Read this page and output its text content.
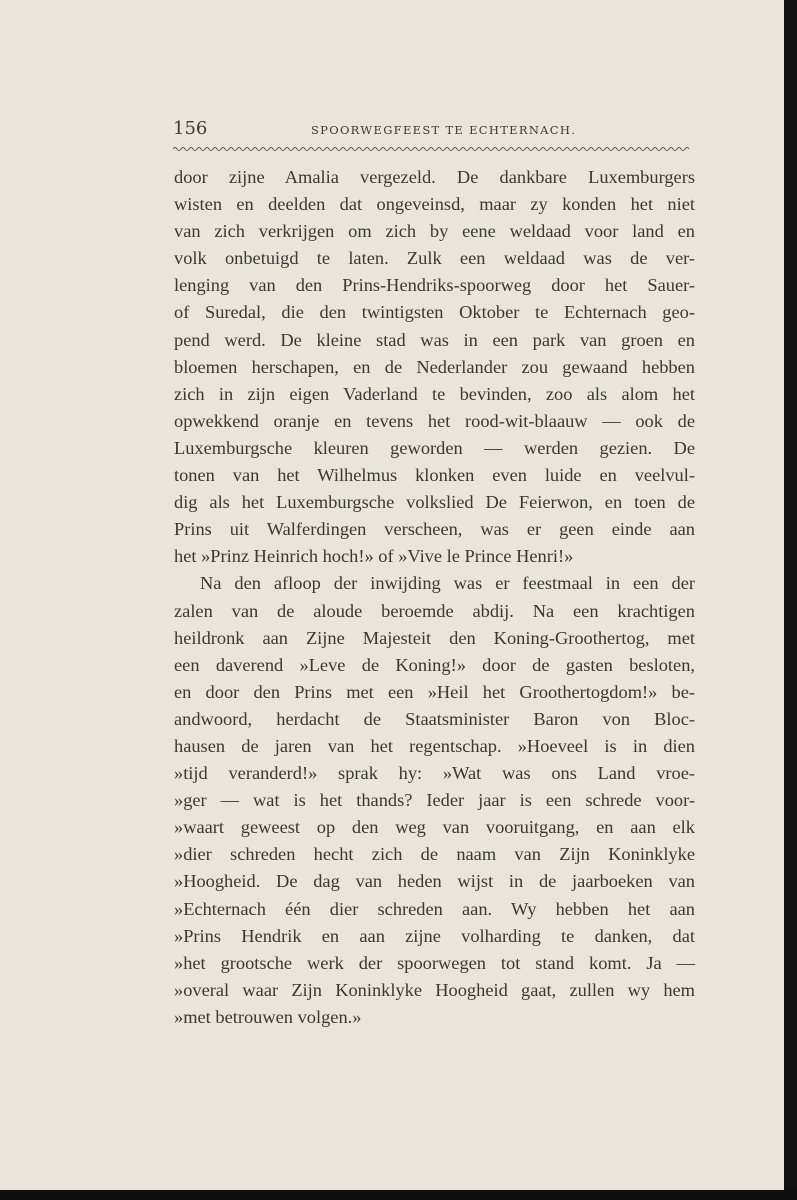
156	SPOORWEGFEEST TE ECHTERNACH.
door zijne Amalia vergezeld. De dankbare Luxemburgers
wisten en deelden dat ongeveinsd, maar zy konden het niet
van zich verkrijgen om zich by eene weldaad voor land en
volk onbetuigd te laten. Zulk een weldaad was de ver-
lenging van den Prins-Hendriks-spoorweg door het Sauer-
of Suredal, die den twintigsten Oktober te Echternach geo-
pend werd. De kleine stad was in een park van groen en
bloemen herschapen, en de Nederlander zou gewaand hebben
zich in zijn eigen Vaderland te bevinden, zoo als alom het
opwekkend oranje en tevens het rood-wit-blaauw — ook de
Luxemburgsche kleuren geworden — werden gezien. De
tonen van het Wilhelmus klonken even luide en veelvul-
dig als het Luxemburgsche volkslied De Feierwon, en toen de
Prins uit Walferdingen verscheen, was er geen einde aan
het »Prinz Heinrich hoch!» of »Vive le Prince Henri!»
Na den afloop der inwijding was er feestmaal in een der
zalen van de aloude beroemde abdij. Na een krachtigen
heildronk aan Zijne Majesteit den Koning-Groothertog, met
een daverend »Leve de Koning!» door de gasten besloten,
en door den Prins met een »Heil het Groothertogdom!» be-
andwoord, herdacht de Staatsminister Baron von Bloc-
hausen de jaren van het regentschap. »Hoeveel is in dien
»tijd veranderd!» sprak hy: »Wat was ons Land vroe-
»ger — wat is het thands? Ieder jaar is een schrede voor-
»waart geweest op den weg van vooruitgang, en aan elk
»dier schreden hecht zich de naam van Zijn Koninklyke
»Hoogheid. De dag van heden wijst in de jaarboeken van
»Echternach één dier schreden aan. Wy hebben het aan
»Prins Hendrik en aan zijne volharding te danken, dat
»het grootsche werk der spoorwegen tot stand komt. Ja —
»overal waar Zijn Koninklyke Hoogheid gaat, zullen wy hem
»met betrouwen volgen.»
